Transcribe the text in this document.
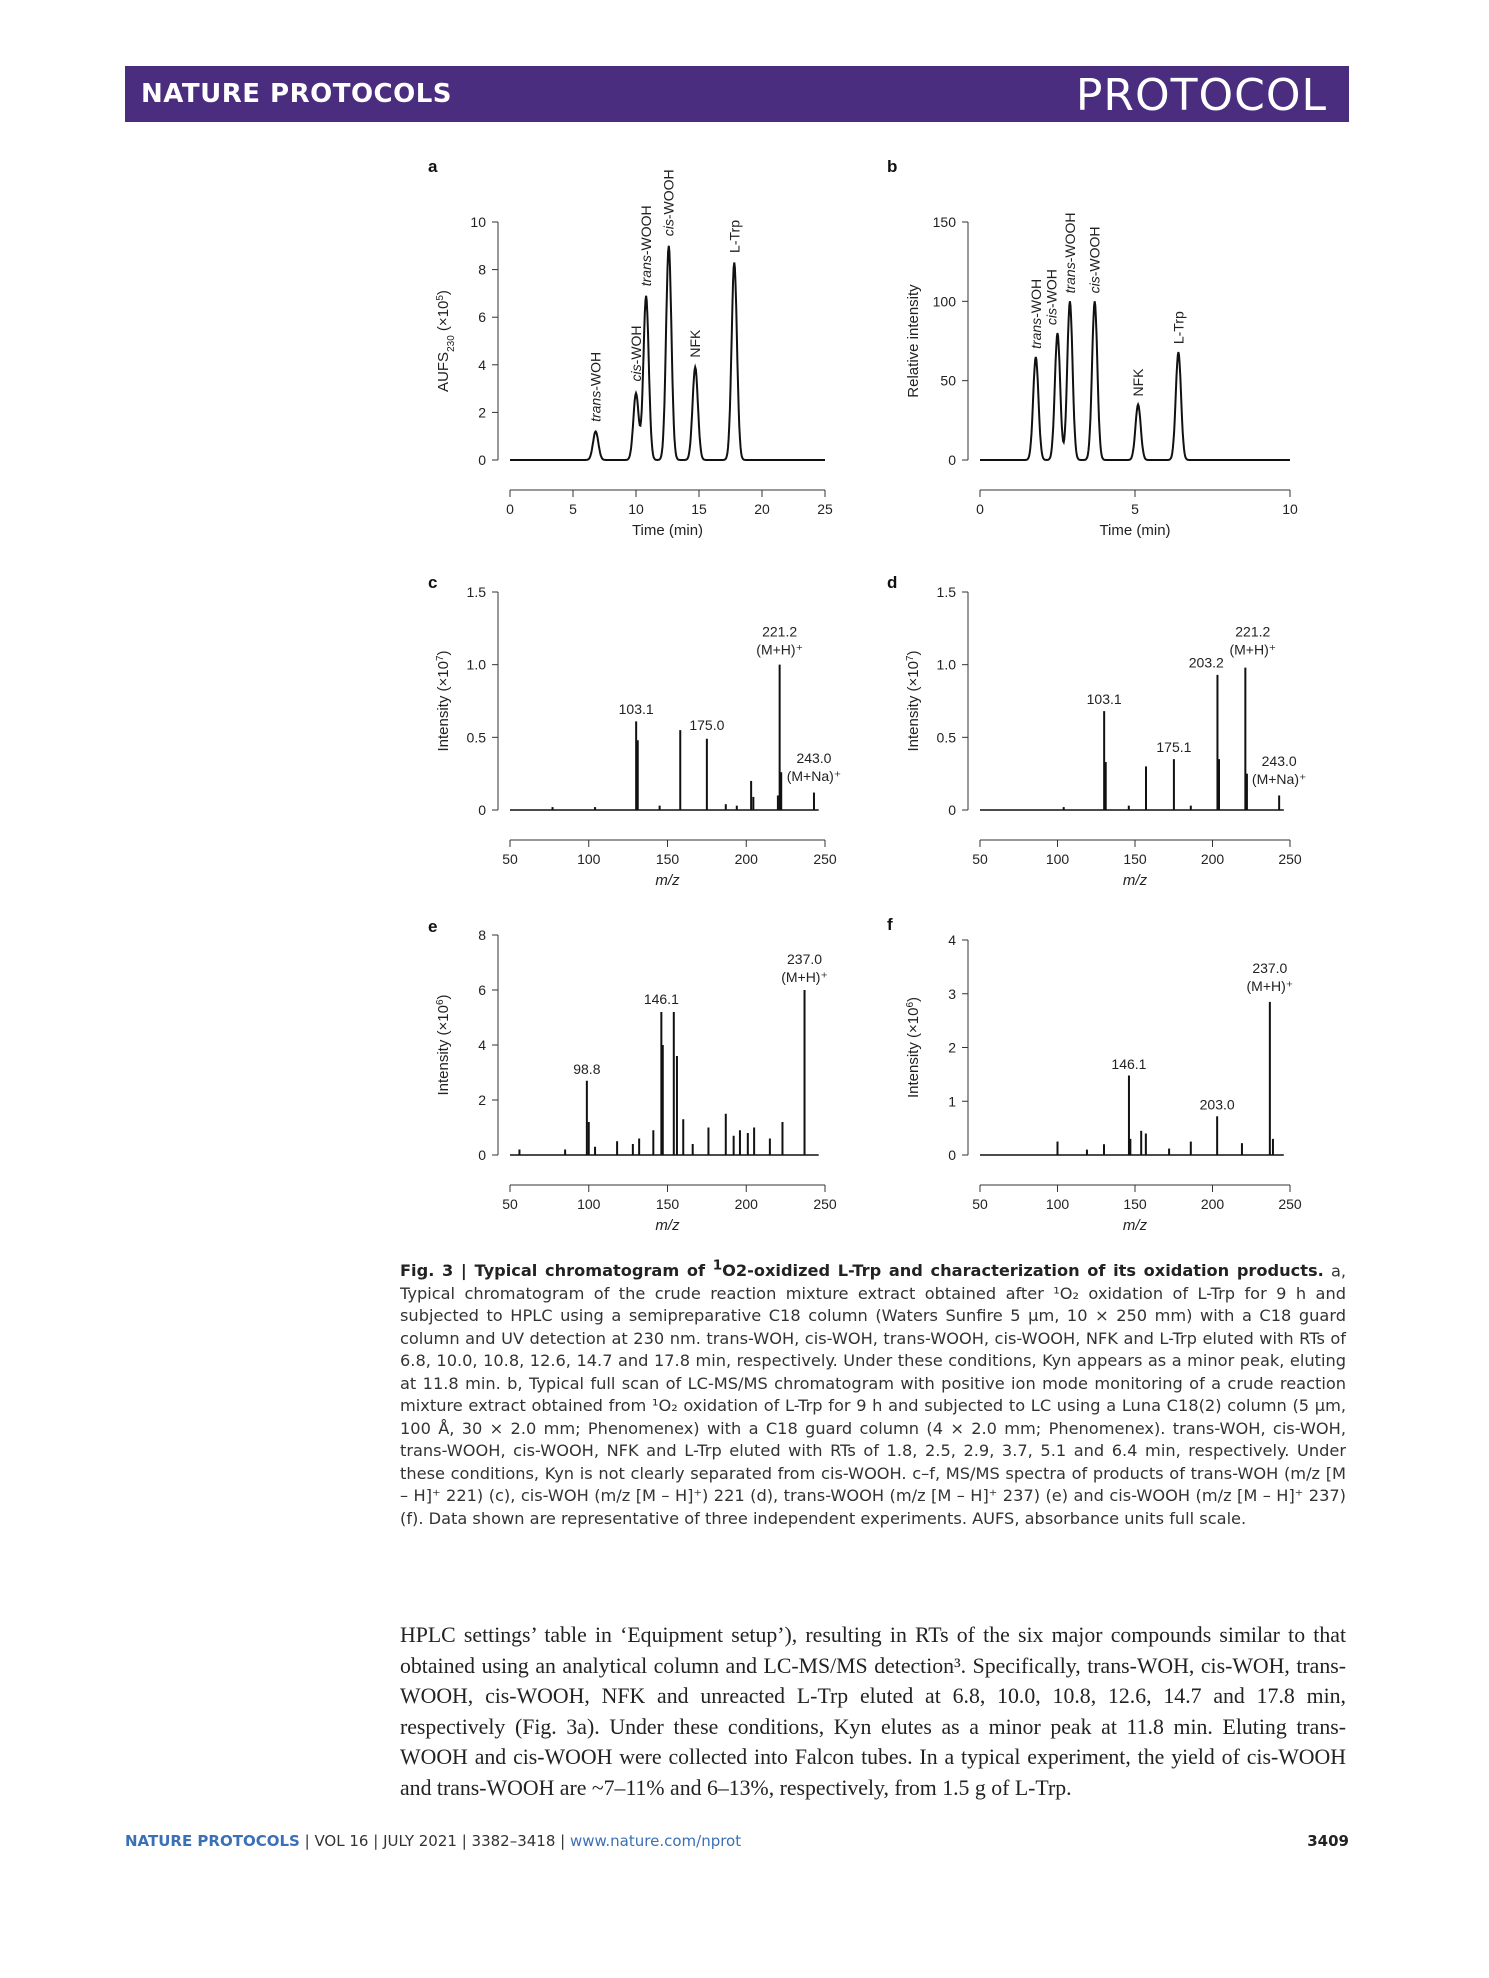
NATURE PROTOCOLS	PROTOCOL
a
0
2
4
6
8
10
0	5	10	15	20	25
Time (min)
$AUFS_{230}$ $(\times 10^5)$
trans-WOH cis-WOH
trans-WOOH cis-WOOH
NFK
L-Trp
b
0
50
100
150
0	5	10
Time (min)
Relative intensity	trans-WOH cis-WOH trans-WOOH
cis-WOOH
NFK
L-Trp
c
0
0.5
1.0
1.5
50	100	150	200	250
m/z
Intensity $(\times 10^7)$
103.1
175.0
221.2
(M+H)⁺
243.0
(M+Na)⁺
d
0
0.5
1.0
1.5
50	100	150	200	250
m/z
Intensity $(\times 10^7)$
103.1
175.1
203.2
221.2
(M+H)⁺
243.0
(M+Na)⁺
e
0
2
4
6
8
50	100	150	200	250
m/z
Intensity $(\times 10^6)$
98.8
146.1
237.0
(M+H)⁺
f
0
1
2
3
4
50	100	150	200	250
m/z
Intensity $(\times 10^6)$
146.1
203.0
237.0
(M+H)⁺
Fig. 3 | Typical chromatogram of $^1$O2-oxidized L-Trp and characterization of its oxidation products. a, Typical chromatogram of the crude reaction mixture extract obtained after ¹O₂ oxidation of L-Trp for 9 h and subjected to HPLC using a semipreparative C18 column (Waters Sunfire 5 μm, 10 × 250 mm) with a C18 guard column and UV detection at 230 nm. trans-WOH, cis-WOH, trans-WOOH, cis-WOOH, NFK and L-Trp eluted with RTs of 6.8, 10.0, 10.8, 12.6, 14.7 and 17.8 min, respectively. Under these conditions, Kyn appears as a minor peak, eluting at 11.8 min. b, Typical full scan of LC-MS/MS chromatogram with positive ion mode monitoring of a crude reaction mixture extract obtained from ¹O₂ oxidation of L-Trp for 9 h and subjected to LC using a Luna C18(2) column (5 μm, 100 Å, 30 × 2.0 mm; Phenomenex) with a C18 guard column (4 × 2.0 mm; Phenomenex). trans-WOH, cis-WOH, trans-WOOH, cis-WOOH, NFK and L-Trp eluted with RTs of 1.8, 2.5, 2.9, 3.7, 5.1 and 6.4 min, respectively. Under these conditions, Kyn is not clearly separated from cis-WOOH. c–f, MS/MS spectra of products of trans-WOH (m/z [M – H]⁺ 221) (c), cis-WOH (m/z [M – H]⁺) 221 (d), trans-WOOH (m/z [M – H]⁺ 237) (e) and cis-WOOH (m/z [M – H]⁺ 237) (f). Data shown are representative of three independent experiments. AUFS, absorbance units full scale.
HPLC settings’ table in ‘Equipment setup’), resulting in RTs of the six major compounds similar to that obtained using an analytical column and LC-MS/MS detection³. Specifically, trans-WOH, cis-WOH, trans-WOOH, cis-WOOH, NFK and unreacted L-Trp eluted at 6.8, 10.0, 10.8, 12.6, 14.7 and 17.8 min, respectively (Fig. 3a). Under these conditions, Kyn elutes as a minor peak at 11.8 min. Eluting trans-WOOH and cis-WOOH were collected into Falcon tubes. In a typical experiment, the yield of cis-WOOH and trans-WOOH are ~7–11% and 6–13%, respectively, from 1.5 g of L-Trp.
NATURE PROTOCOLS | VOL 16 | JULY 2021 | 3382–3418 | www.nature.com/nprot	3409
